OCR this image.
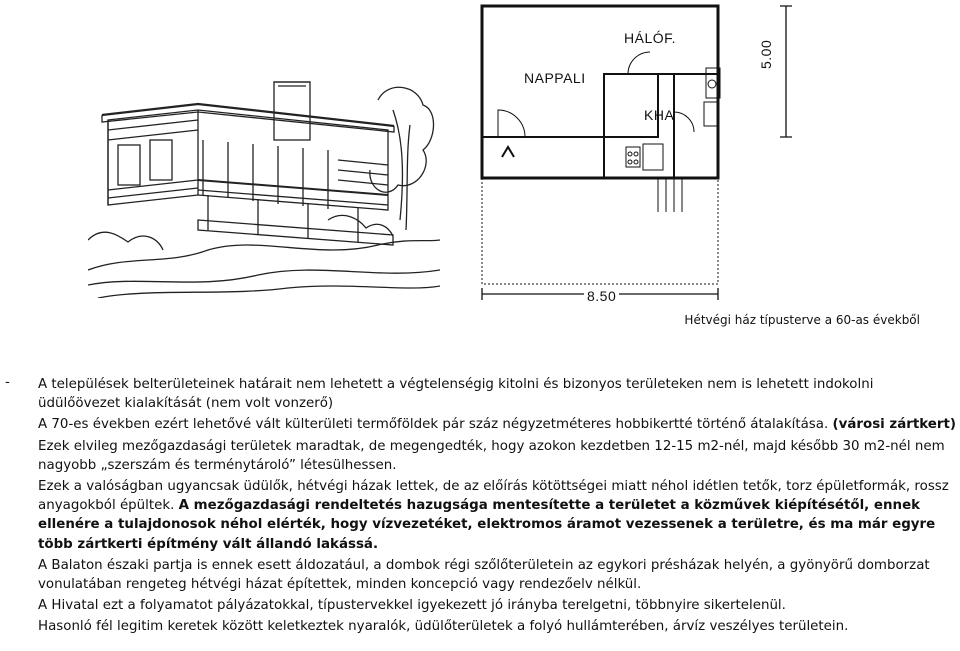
HÁLÓF.
NAPPALI
KHA
8.50
5.00
Hétvégi ház típusterve a 60-as évekből
- A települések belterületeinek határait nem lehetett a végtelenségig kitolni és bizonyos területeken nem is lehetett indokolni üdülőövezet kialakítását (nem volt vonzerő)

A 70-es években ezért lehetővé vált külterületi termőföldek pár száz négyzetméteres hobbikertté történő átalakítása. (városi zártkert)

Ezek elvileg mezőgazdasági területek maradtak, de megengedték, hogy azokon kezdetben 12-15 m2-nél, majd később 30 m2-nél nem nagyobb „szerszám és terménytároló” létesülhessen.

Ezek a valóságban ugyancsak üdülők, hétvégi házak lettek, de az előírás kötöttségei miatt néhol idétlen tetők, torz épületformák, rossz anyagokból épültek. A mezőgazdasági rendeltetés hazugsága mentesítette a területet a közművek kiépítésétől, ennek ellenére a tulajdonosok néhol elérték, hogy vízvezetéket, elektromos áramot vezessenek a területre, és ma már egyre több zártkerti építmény vált állandó lakássá.

A Balaton északi partja is ennek esett áldozatául, a dombok régi szőlőterületein az egykori présházak helyén, a gyönyörű domborzat vonulatában rengeteg hétvégi házat építettek, minden koncepció vagy rendezőelv nélkül.

A Hivatal ezt a folyamatot pályázatokkal, típustervekkel igyekezett jó irányba terelgetni, többnyire sikertelenül.

Hasonló fél legitim keretek között keletkeztek nyaralók, üdülőterületek a folyó hullámterében, árvíz veszélyes területein.
